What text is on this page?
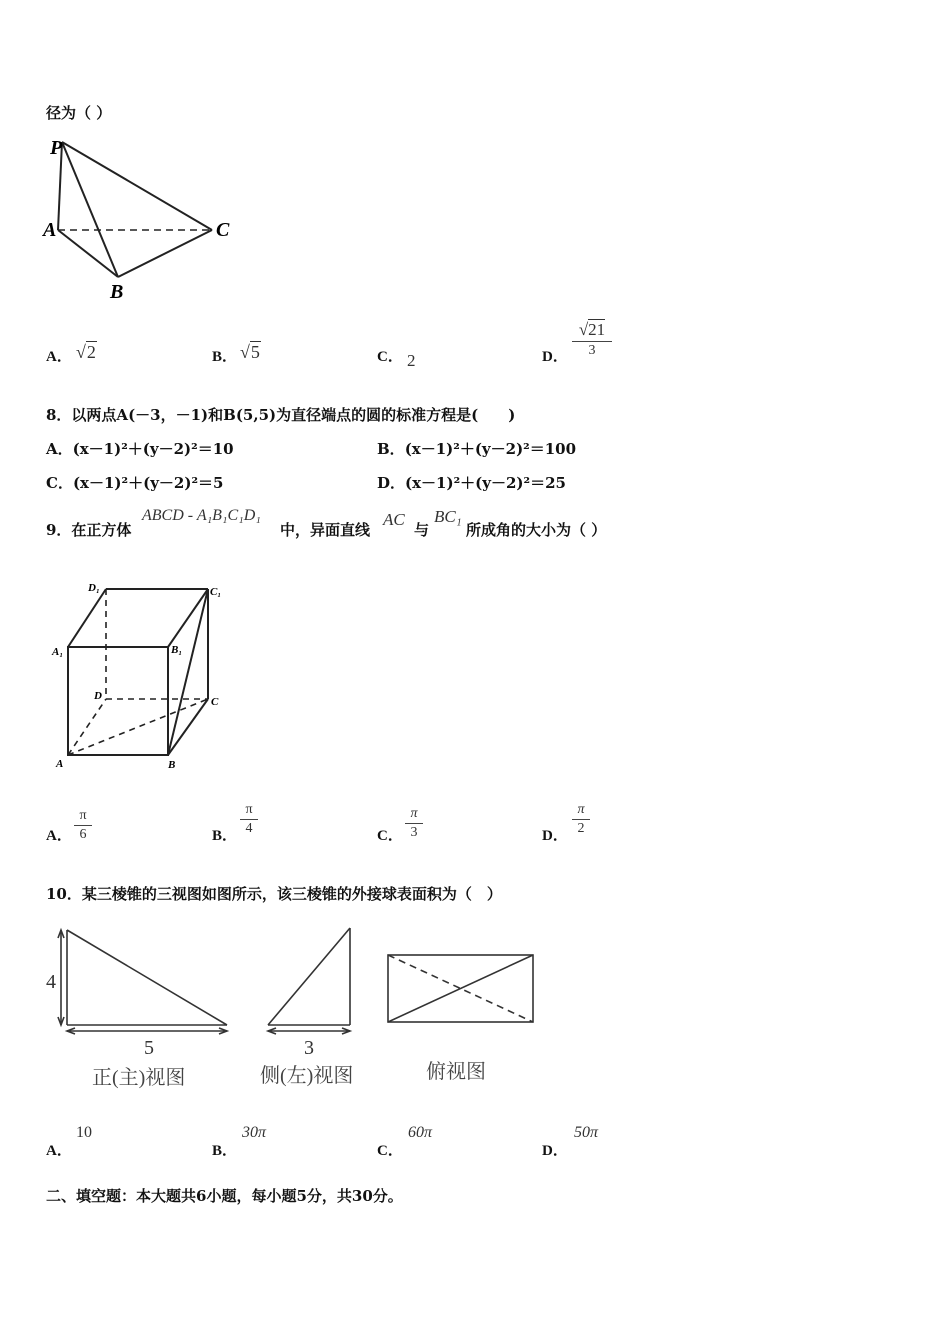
径为（ ）
P
A
B
C
A． √2	B． √5	C． 2	D．
√21
3
8．以两点A(－3，－1)和B(5,5)为直径端点的圆的标准方程是(　　)
A．(x－1)²＋(y－2)²＝10	B．(x－1)²＋(y－2)²＝100
C．(x－1)²＋(y－2)²＝5	D．(x－1)²＋(y－2)²＝25
9．在正方体
ABCD - A₁B₁C₁D₁
中，异面直线
AC
与
BC₁
所成角的大小为（ ）
D₁	C₁
A₁	B₁
D	C
A	B
A．
π
6	B．
π
4	C．
π
3	D．
π
2
10．某三棱锥的三视图如图所示，该三棱锥的外接球表面积为（　）
4
5
正(主)视图
3
侧(左)视图	俯视图
A．
10
B．
30π
C．
60π
D．
50π
二、填空题：本大题共6小题，每小题5分，共30分。
